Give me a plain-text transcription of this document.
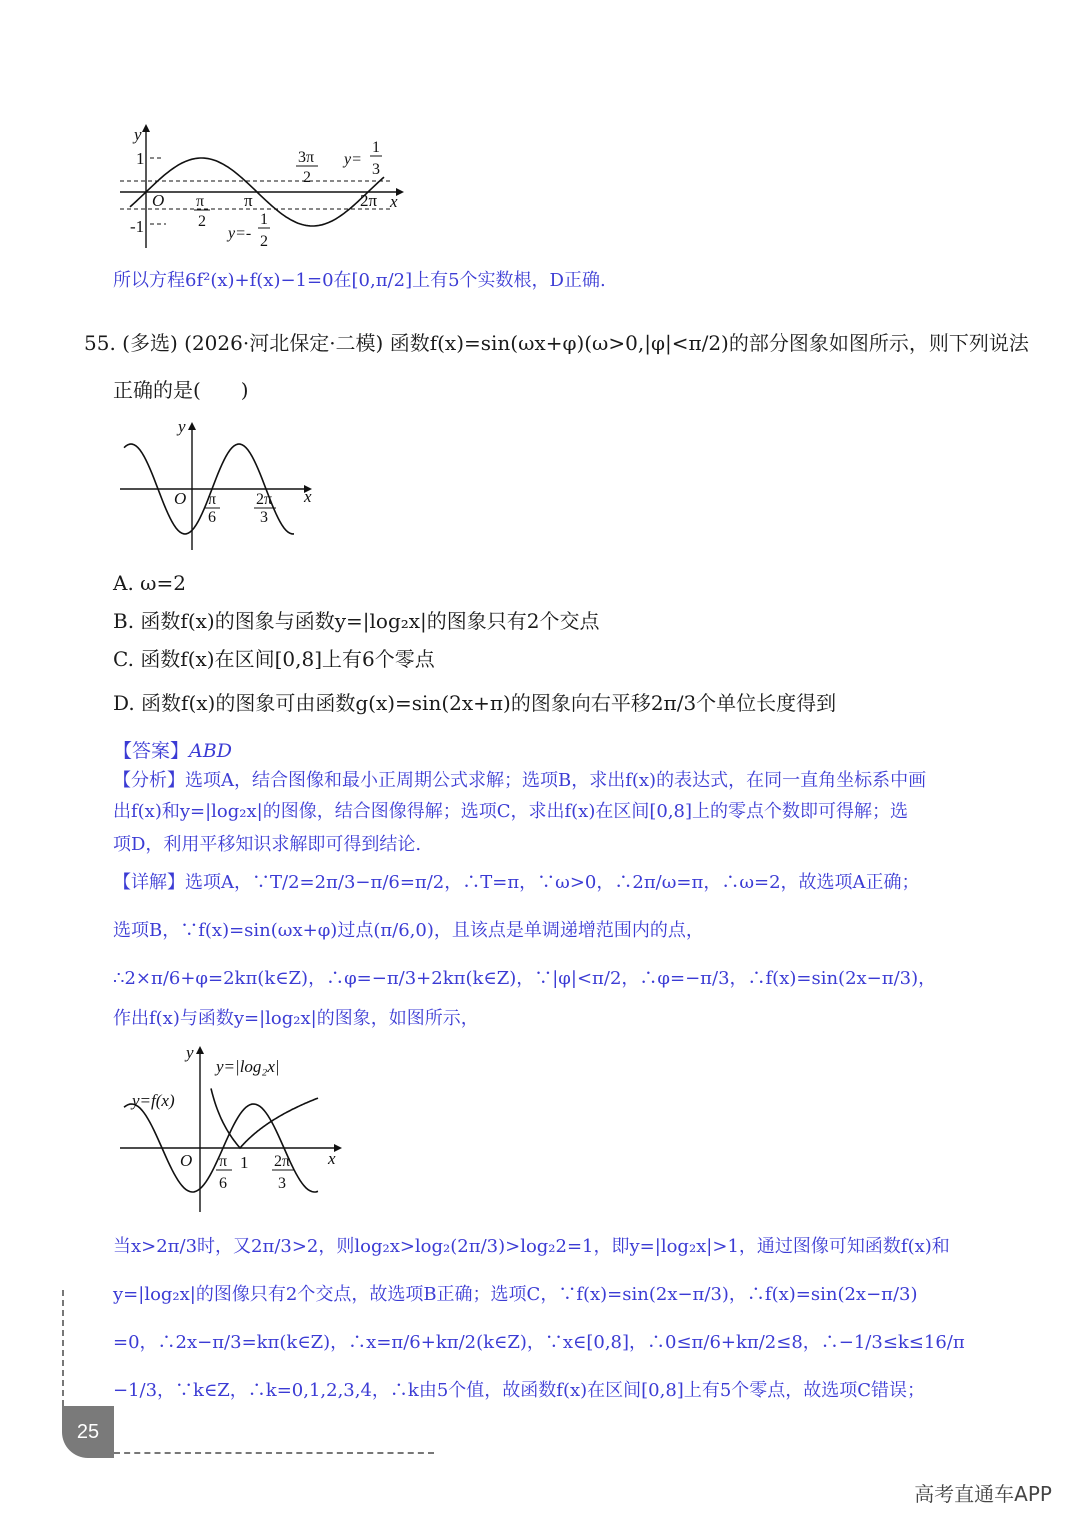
y
x
O
1
-1
π	2π
π
2
3π
2
y=
1
3
y=-
1
2
所以方程6f²(x)+f(x)−1=0在[0,π/2]上有5个实数根，D正确.
55. (多选) (2026·河北保定·二模) 函数f(x)=sin(ωx+φ)(ω>0,|φ|<π/2)的部分图象如图所示，则下列说法
正确的是(　　)
y
x
O π
6
2π
3
A. ω=2
B. 函数f(x)的图象与函数y=|log₂x|的图象只有2个交点
C. 函数f(x)在区间[0,8]上有6个零点
D. 函数f(x)的图象可由函数g(x)=sin(2x+π)的图象向右平移2π/3个单位长度得到
【答案】ABD
【分析】选项A，结合图像和最小正周期公式求解；选项B，求出f(x)的表达式，在同一直角坐标系中画
出f(x)和y=|log₂x|的图像，结合图像得解；选项C，求出f(x)在区间[0,8]上的零点个数即可得解；选
项D，利用平移知识求解即可得到结论.
【详解】选项A，∵T/2=2π/3−π/6=π/2，∴T=π，∵ω>0，∴2π/ω=π，∴ω=2，故选项A正确；
选项B，∵f(x)=sin(ωx+φ)过点(π/6,0)，且该点是单调递增范围内的点，
∴2×π/6+φ=2kπ(k∈Z)，∴φ=−π/3+2kπ(k∈Z)，∵|φ|<π/2，∴φ=−π/3，∴f(x)=sin(2x−π/3)，
作出f(x)与函数y=|log₂x|的图象，如图所示，
y
x
O
y=|log₂x|
y=f(x)
1
π
6
2π
3
当x>2π/3时，又2π/3>2，则log₂x>log₂(2π/3)>log₂2=1，即y=|log₂x|>1，通过图像可知函数f(x)和
y=|log₂x|的图像只有2个交点，故选项B正确；选项C，∵f(x)=sin(2x−π/3)，∴f(x)=sin(2x−π/3)
=0，∴2x−π/3=kπ(k∈Z)，∴x=π/6+kπ/2(k∈Z)，∵x∈[0,8]，∴0≤π/6+kπ/2≤8，∴−1/3≤k≤16/π
−1/3，∵k∈Z，∴k=0,1,2,3,4，∴k由5个值，故函数f(x)在区间[0,8]上有5个零点，故选项C错误；
25
高考直通车APP
